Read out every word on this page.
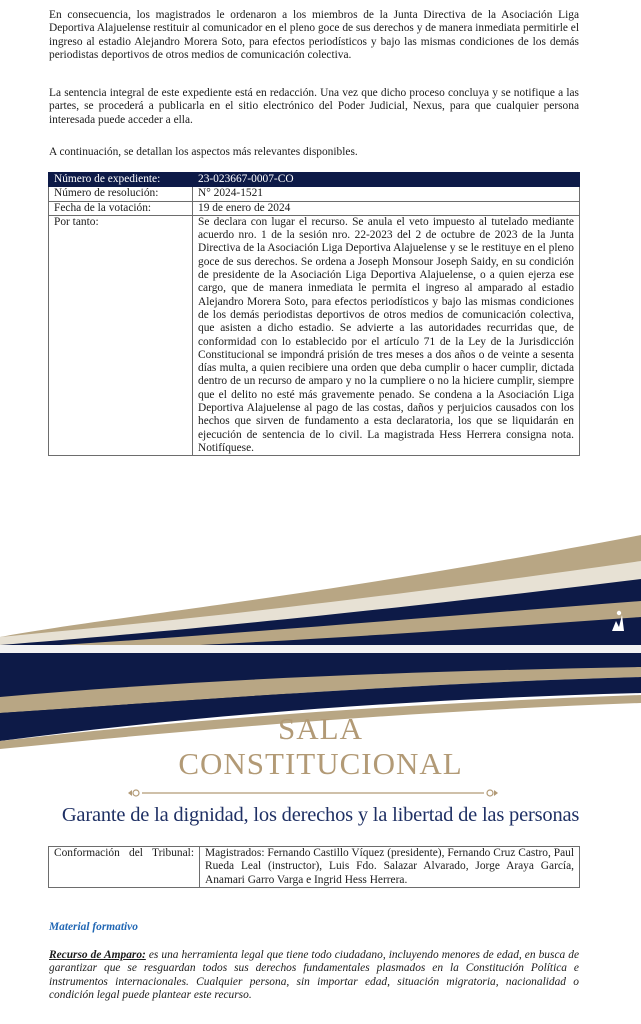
En consecuencia, los magistrados le ordenaron a los miembros de la Junta Directiva de la Asociación Liga Deportiva Alajuelense restituir al comunicador en el pleno goce de sus derechos y de manera inmediata permitirle el ingreso al estadio Alejandro Morera Soto, para efectos periodísticos y bajo las mismas condiciones de los demás periodistas deportivos de otros medios de comunicación colectiva.

La sentencia integral de este expediente está en redacción. Una vez que dicho proceso concluya y se notifique a las partes, se procederá a publicarla en el sitio electrónico del Poder Judicial, Nexus, para que cualquier persona interesada puede acceder a ella.

A continuación, se detallan los aspectos más relevantes disponibles.

Número de expediente:	23-023667-0007-CO
Número de resolución:	N° 2024-1521
Fecha de la votación:	19 de enero de 2024
Por tanto:	Se declara con lugar el recurso. Se anula el veto impuesto al tutelado mediante acuerdo nro. 1 de la sesión nro. 22-2023 del 2 de octubre de 2023 de la Junta Directiva de la Asociación Liga Deportiva Alajuelense y se le restituye en el pleno goce de sus derechos. Se ordena a Joseph Monsour Joseph Saidy, en su condición de presidente de la Asociación Liga Deportiva Alajuelense, o a quien ejerza ese cargo, que de manera inmediata le permita el ingreso al amparado al estadio Alejandro Morera Soto, para efectos periodísticos y bajo las mismas condiciones de los demás periodistas deportivos de otros medios de comunicación colectiva, que asisten a dicho estadio. Se advierte a las autoridades recurridas que, de conformidad con lo establecido por el artículo 71 de la Ley de la Jurisdicción Constitucional se impondrá prisión de tres meses a dos años o de veinte a sesenta días multa, a quien recibiere una orden que deba cumplir o hacer cumplir, dictada dentro de un recurso de amparo y no la cumpliere o no la hiciere cumplir, siempre que el delito no esté más gravemente penado. Se condena a la Asociación Liga Deportiva Alajuelense al pago de las costas, daños y perjuicios causados con los hechos que sirven de fundamento a esta declaratoria, los que se liquidarán en ejecución de sentencia de lo civil. La magistrada Hess Herrera consigna nota. Notifíquese.

SALA

CONSTITUCIONAL

Garante de la dignidad, los derechos y la libertad de las personas

Conformación del Tribunal:	Magistrados: Fernando Castillo Víquez (presidente), Fernando Cruz Castro, Paul Rueda Leal (instructor), Luis Fdo. Salazar Alvarado, Jorge Araya García, Anamari Garro Varga e Ingrid Hess Herrera.

Material formativo

Recurso de Amparo: es una herramienta legal que tiene todo ciudadano, incluyendo menores de edad, en busca de garantizar que se resguardan todos sus derechos fundamentales plasmados en la Constitución Política e instrumentos internacionales. Cualquier persona, sin importar edad, situación migratoria, nacionalidad o condición legal puede plantear este recurso.
